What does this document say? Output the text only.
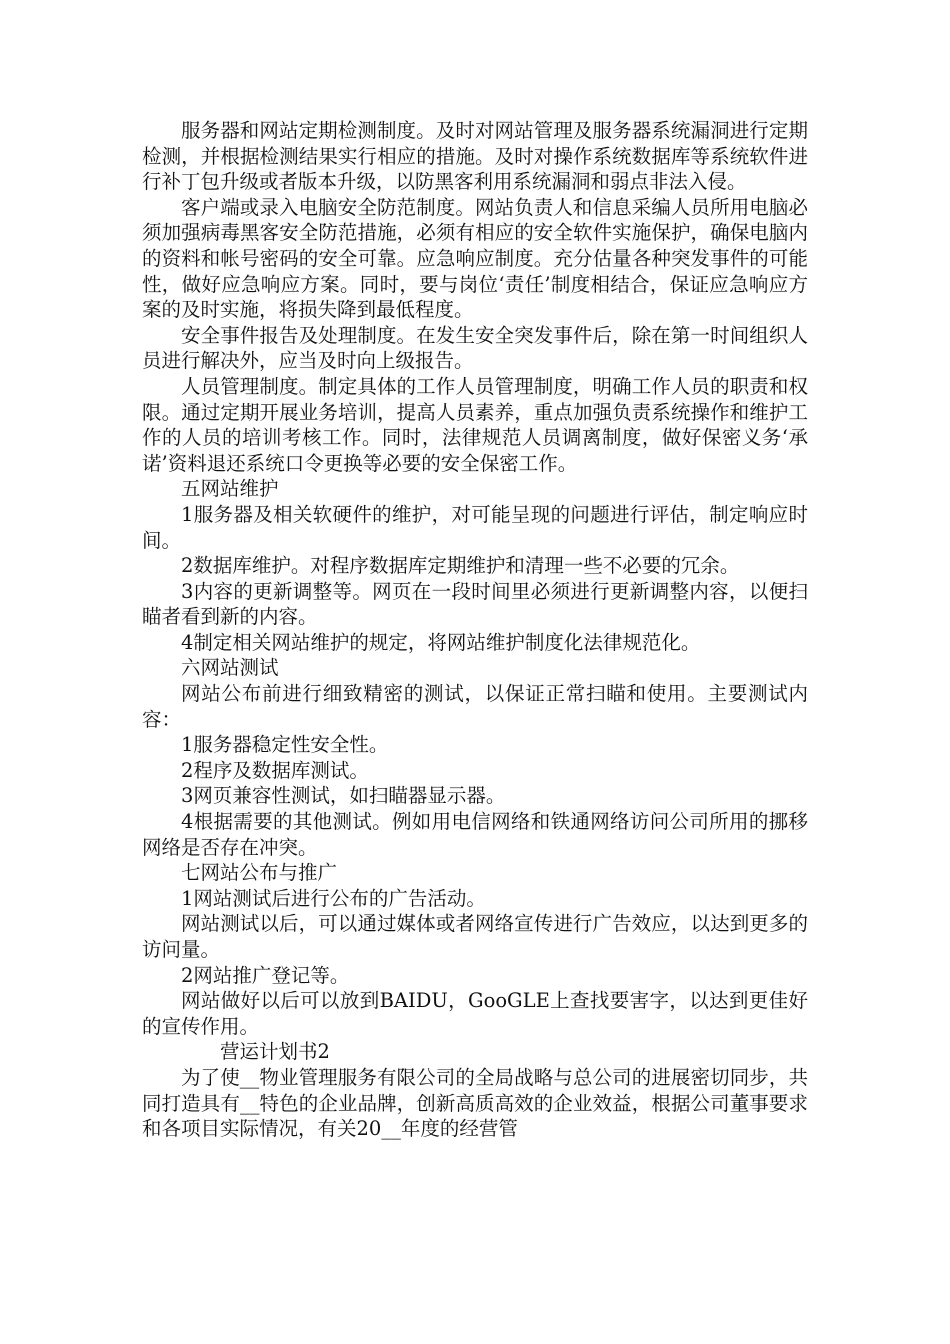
服务器和网站定期检测制度。及时对网站管理及服务器系统漏洞进行定期检测，并根据检测结果实行相应的措施。及时对操作系统数据库等系统软件进行补丁包升级或者版本升级，以防黑客利用系统漏洞和弱点非法入侵。

客户端或录入电脑安全防范制度。网站负责人和信息采编人员所用电脑必须加强病毒黑客安全防范措施，必须有相应的安全软件实施保护，确保电脑内的资料和帐号密码的安全可靠。应急响应制度。充分估量各种突发事件的可能性，做好应急响应方案。同时，要与岗位‘责任’制度相结合，保证应急响应方案的及时实施，将损失降到最低程度。

安全事件报告及处理制度。在发生安全突发事件后，除在第一时间组织人员进行解决外，应当及时向上级报告。

人员管理制度。制定具体的工作人员管理制度，明确工作人员的职责和权限。通过定期开展业务培训，提高人员素养，重点加强负责系统操作和维护工作的人员的培训考核工作。同时，法律规范人员调离制度，做好保密义务‘承诺’资料退还系统口令更换等必要的安全保密工作。

五网站维护

1服务器及相关软硬件的维护，对可能呈现的问题进行评估，制定响应时间。

2数据库维护。对程序数据库定期维护和清理一些不必要的冗余。

3内容的更新调整等。网页在一段时间里必须进行更新调整内容，以便扫瞄者看到新的内容。

4制定相关网站维护的规定，将网站维护制度化法律规范化。

六网站测试

网站公布前进行细致精密的测试，以保证正常扫瞄和使用。主要测试内容：

1服务器稳定性安全性。

2程序及数据库测试。

3网页兼容性测试，如扫瞄器显示器。

4根据需要的其他测试。例如用电信网络和铁通网络访问公司所用的挪移网络是否存在冲突。

七网站公布与推广

1网站测试后进行公布的广告活动。

网站测试以后，可以通过媒体或者网络宣传进行广告效应，以达到更多的访问量。

2网站推广登记等。

网站做好以后可以放到BAIDU，GooGLE上查找要害字，以达到更佳好的宣传作用。

营运计划书2

为了使__物业管理服务有限公司的全局战略与总公司的进展密切同步，共同打造具有__特色的企业品牌，创新高质高效的企业效益，根据公司董事要求和各项目实际情况，有关20__年度的经营管
